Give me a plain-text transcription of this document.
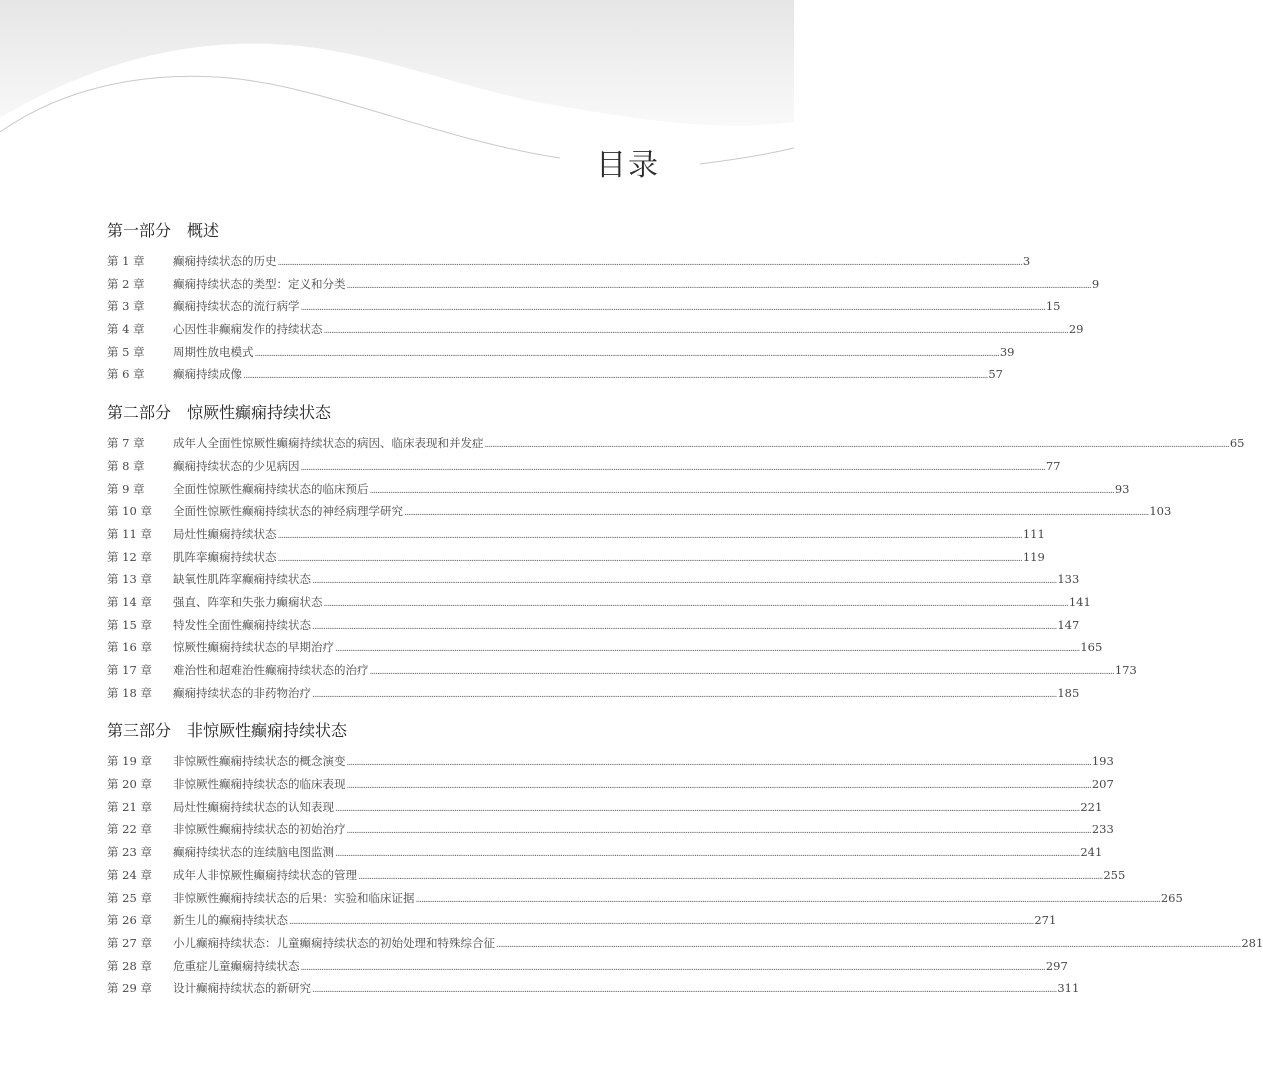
目录
第一部分 概述
第 1 章	癫痫持续状态的历史 ................................................................................................................................................................................................................................................................................................................................................................................................................ 3
第 2 章	癫痫持续状态的类型：定义和分类 ................................................................................................................................................................................................................................................................................................................................................................................................................ 9
第 3 章	癫痫持续状态的流行病学 ................................................................................................................................................................................................................................................................................................................................................................................................................ 15
第 4 章	心因性非癫痫发作的持续状态 ................................................................................................................................................................................................................................................................................................................................................................................................................ 29
第 5 章	周期性放电模式 ................................................................................................................................................................................................................................................................................................................................................................................................................ 39
第 6 章	癫痫持续成像 ................................................................................................................................................................................................................................................................................................................................................................................................................ 57
第二部分 惊厥性癫痫持续状态
第 7 章	成年人全面性惊厥性癫痫持续状态的病因、临床表现和并发症 ................................................................................................................................................................................................................................................................................................................................................................................................................ 65
第 8 章	癫痫持续状态的少见病因 ................................................................................................................................................................................................................................................................................................................................................................................................................ 77
第 9 章	全面性惊厥性癫痫持续状态的临床预后 ................................................................................................................................................................................................................................................................................................................................................................................................................ 93
第 10 章	全面性惊厥性癫痫持续状态的神经病理学研究 ................................................................................................................................................................................................................................................................................................................................................................................................................ 103
第 11 章	局灶性癫痫持续状态 ................................................................................................................................................................................................................................................................................................................................................................................................................ 111
第 12 章	肌阵挛癫痫持续状态 ................................................................................................................................................................................................................................................................................................................................................................................................................ 119
第 13 章	缺氧性肌阵挛癫痫持续状态 ................................................................................................................................................................................................................................................................................................................................................................................................................ 133
第 14 章	强直、阵挛和失张力癫痫状态 ................................................................................................................................................................................................................................................................................................................................................................................................................ 141
第 15 章	特发性全面性癫痫持续状态 ................................................................................................................................................................................................................................................................................................................................................................................................................ 147
第 16 章	惊厥性癫痫持续状态的早期治疗 ................................................................................................................................................................................................................................................................................................................................................................................................................ 165
第 17 章	难治性和超难治性癫痫持续状态的治疗 ................................................................................................................................................................................................................................................................................................................................................................................................................ 173
第 18 章	癫痫持续状态的非药物治疗 ................................................................................................................................................................................................................................................................................................................................................................................................................ 185
第三部分 非惊厥性癫痫持续状态
第 19 章	非惊厥性癫痫持续状态的概念演变 ................................................................................................................................................................................................................................................................................................................................................................................................................ 193
第 20 章	非惊厥性癫痫持续状态的临床表现 ................................................................................................................................................................................................................................................................................................................................................................................................................ 207
第 21 章	局灶性癫痫持续状态的认知表现 ................................................................................................................................................................................................................................................................................................................................................................................................................ 221
第 22 章	非惊厥性癫痫持续状态的初始治疗 ................................................................................................................................................................................................................................................................................................................................................................................................................ 233
第 23 章	癫痫持续状态的连续脑电图监测 ................................................................................................................................................................................................................................................................................................................................................................................................................ 241
第 24 章	成年人非惊厥性癫痫持续状态的管理 ................................................................................................................................................................................................................................................................................................................................................................................................................ 255
第 25 章	非惊厥性癫痫持续状态的后果：实验和临床证据 ................................................................................................................................................................................................................................................................................................................................................................................................................ 265
第 26 章	新生儿的癫痫持续状态 ................................................................................................................................................................................................................................................................................................................................................................................................................ 271
第 27 章	小儿癫痫持续状态：儿童癫痫持续状态的初始处理和特殊综合征 ................................................................................................................................................................................................................................................................................................................................................................................................................ 281
第 28 章	危重症儿童癫痫持续状态 ................................................................................................................................................................................................................................................................................................................................................................................................................ 297
第 29 章	设计癫痫持续状态的新研究 ................................................................................................................................................................................................................................................................................................................................................................................................................ 311
